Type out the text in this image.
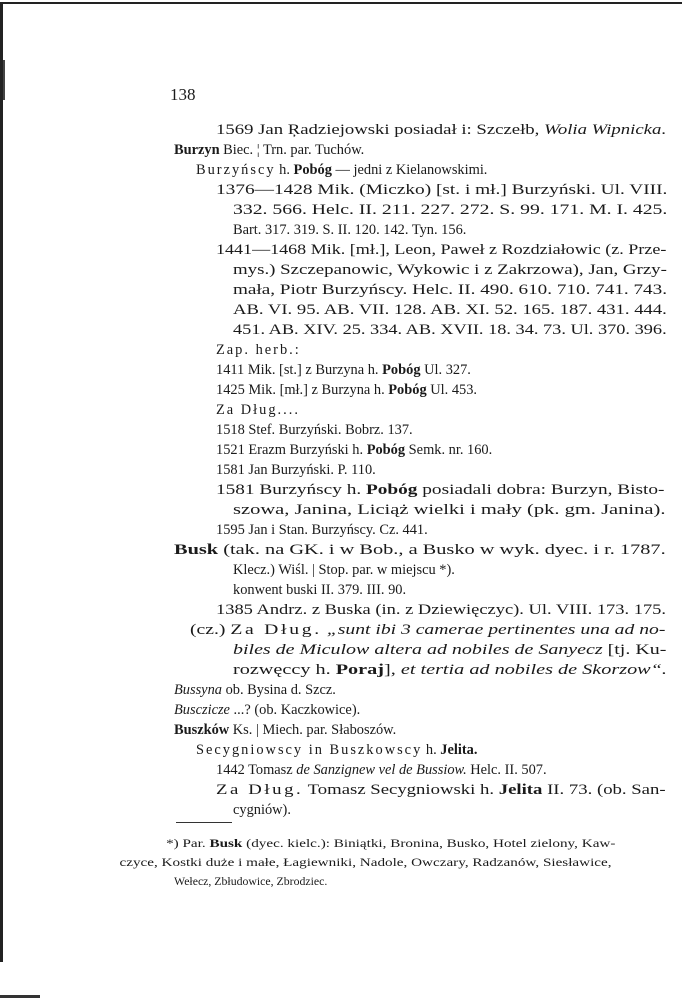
138
1569 Jan Ŗadziejowski posiadał i: Szczełb, Wolia Wipnicka.
Burzyn Biec. ¦ Trn. par. Tuchów.
Burzyńscy h. Pobóg — jedni z Kielanowskimi.
1376—1428 Mik. (Miczko) [st. i mł.] Burzyński. Ul. VIII.
332. 566. Helc. II. 211. 227. 272. S. 99. 171. M. I. 425.
Bart. 317. 319. S. II. 120. 142. Tyn. 156.
1441—1468 Mik. [mł.], Leon, Paweł z Rozdziałowic (z. Prze-
mys.) Szczepanowic, Wykowic i z Zakrzowa), Jan, Grzy-
mała, Piotr Burzyńscy. Helc. II. 490. 610. 710. 741. 743.
AB. VI. 95. AB. VII. 128. AB. XI. 52. 165. 187. 431. 444.
451. AB. XIV. 25. 334. AB. XVII. 18. 34. 73. Ul. 370. 396.
Zap. herb.:
1411 Mik. [st.] z Burzyna h. Pobóg Ul. 327.
1425 Mik. [mł.] z Burzyna h. Pobóg Ul. 453.
Za Dług....
1518 Stef. Burzyński. Bobrz. 137.
1521 Erazm Burzyński h. Pobóg Semk. nr. 160.
1581 Jan Burzyński. P. 110.
1581 Burzyńscy h. Pobóg posiadali dobra: Burzyn, Bisto-
szowa, Janina, Liciąż wielki i mały (pk. gm. Janina).
1595 Jan i Stan. Burzyńscy. Cz. 441.
Busk (tak. na GK. i w Bob., a Busko w wyk. dyec. i r. 1787.
Klecz.) Wiśl. | Stop. par. w miejscu *).
konwent buski II. 379. III. 90.
1385 Andrz. z Buska (in. z Dziewięczyc). Ul. VIII. 173. 175.
(cz.) Za Dług. „sunt ibi 3 camerae pertinentes una ad no-
biles de Miculow altera ad nobiles de Sanyecz [tj. Ku-
rozwęccy h. Poraj], et tertia ad nobiles de Skorzow“.
Bussyna ob. Bysina d. Szcz.
Busczicze ...? (ob. Kaczkowice).
Buszków Ks. | Miech. par. Słaboszów.
Secygniowscy in Buszkowscy h. Jelita.
1442 Tomasz de Sanzignew vel de Bussiow. Helc. II. 507.
Za Dług. Tomasz Secygniowski h. Jelita II. 73. (ob. San-
cygniów).
*) Par. Busk (dyec. kielc.): Biniątki, Bronina, Busko, Hotel zielony, Kaw-
czyce, Kostki duże i małe, Łagiewniki, Nadole, Owczary, Radzanów, Siesławice,
Wełecz, Zbłudowice, Zbrodziec.
